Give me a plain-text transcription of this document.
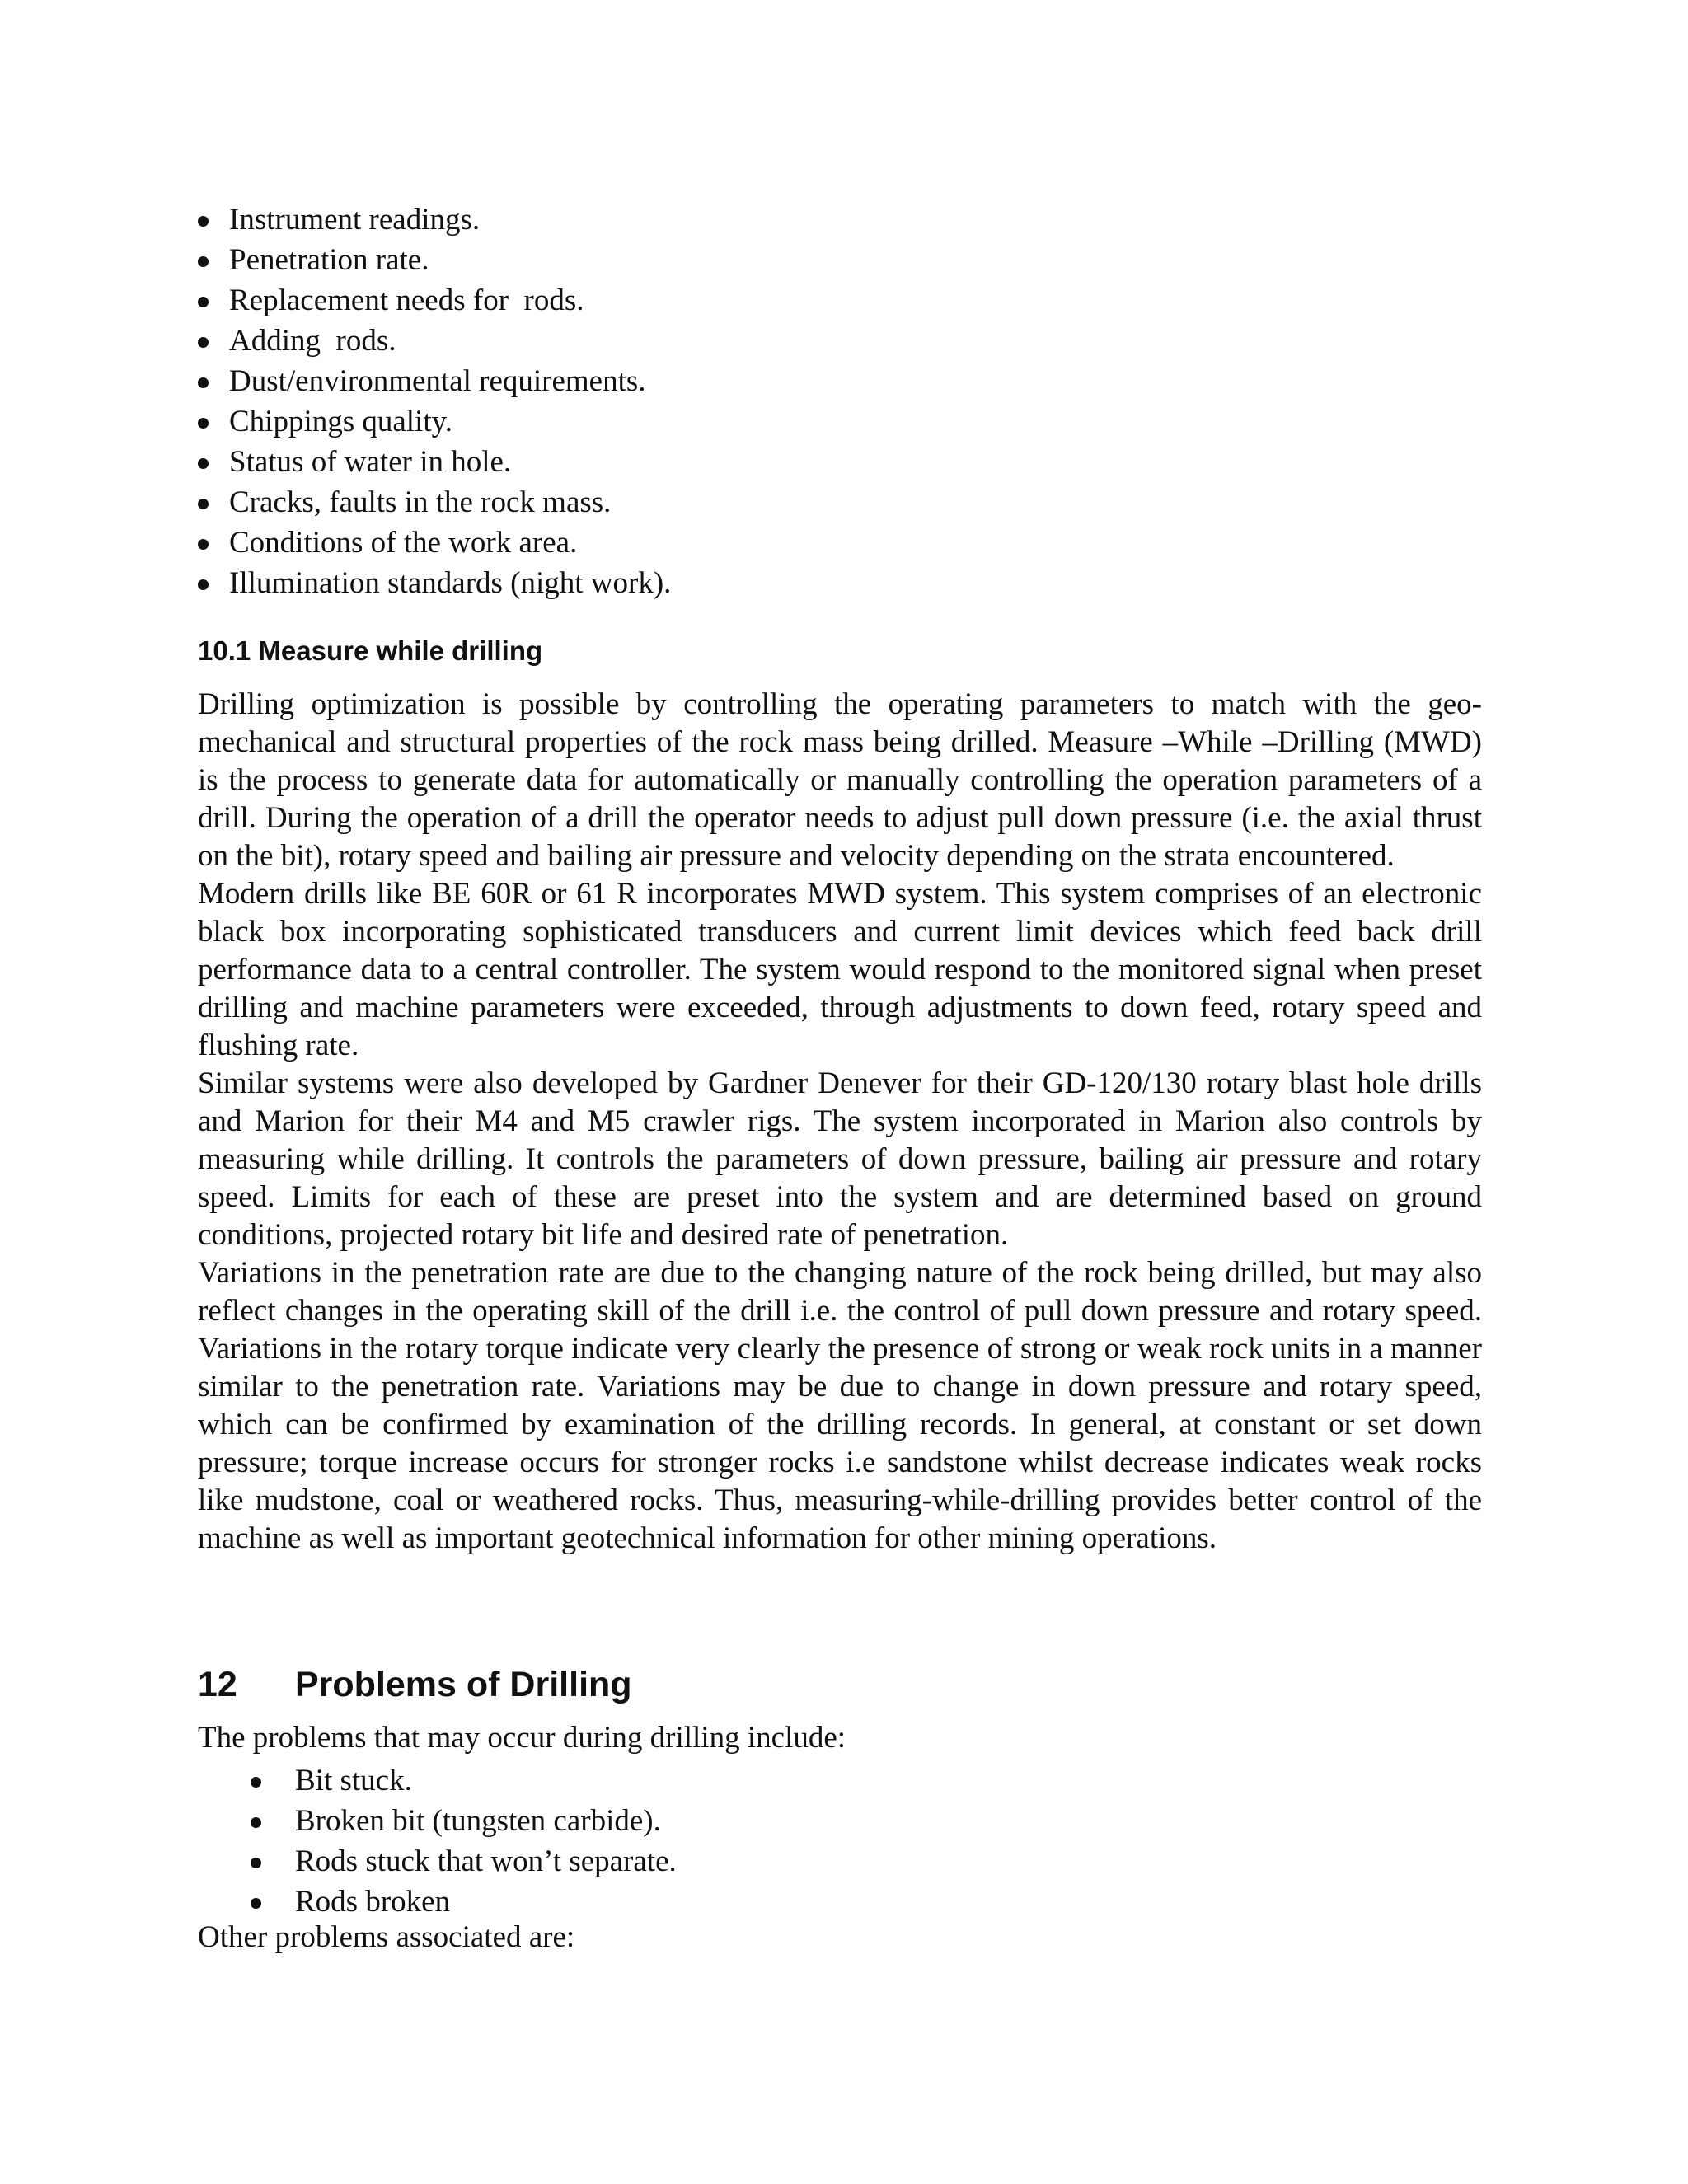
Instrument readings.
Penetration rate.
Replacement needs for  rods.
Adding  rods.
Dust/environmental requirements.
Chippings quality.
Status of water in hole.
Cracks, faults in the rock mass.
Conditions of the work area.
Illumination standards (night work).
10.1 Measure while drilling

Drilling optimization is possible by controlling the operating parameters to match with the geo-mechanical and structural properties of the rock mass being drilled. Measure –While –Drilling (MWD) is the process to generate data for automatically or manually controlling the operation parameters of a drill. During the operation of a drill the operator needs to adjust pull down pressure (i.e. the axial thrust on the bit), rotary speed and bailing air pressure and velocity depending on the strata encountered.

Modern drills like BE 60R or 61 R incorporates MWD system. This system comprises of an electronic black box incorporating sophisticated transducers and current limit devices which feed back drill performance data to a central controller. The system would respond to the monitored signal when preset drilling and machine parameters were exceeded, through adjustments to down feed, rotary speed and flushing rate.

Similar systems were also developed by Gardner Denever for their GD-120/130 rotary blast hole drills and Marion for their M4 and M5 crawler rigs. The system incorporated in Marion also controls by measuring while drilling. It controls the parameters of down pressure, bailing air pressure and rotary speed. Limits for each of these are preset into the system and are determined based on ground conditions, projected rotary bit life and desired rate of penetration.

Variations in the penetration rate are due to the changing nature of the rock being drilled, but may also reflect changes in the operating skill of the drill i.e. the control of pull down pressure and rotary speed. Variations in the rotary torque indicate very clearly the presence of strong or weak rock units in a manner similar to the penetration rate. Variations may be due to change in down pressure and rotary speed, which can be confirmed by examination of the drilling records. In general, at constant or set down pressure; torque increase occurs for stronger rocks i.e sandstone whilst decrease indicates weak rocks like mudstone, coal or weathered rocks. Thus, measuring-while-drilling provides better control of the machine as well as important geotechnical information for other mining operations.

12 Problems of Drilling

The problems that may occur during drilling include:

Bit stuck.
Broken bit (tungsten carbide).
Rods stuck that won’t separate.
Rods broken

Other problems associated are:
